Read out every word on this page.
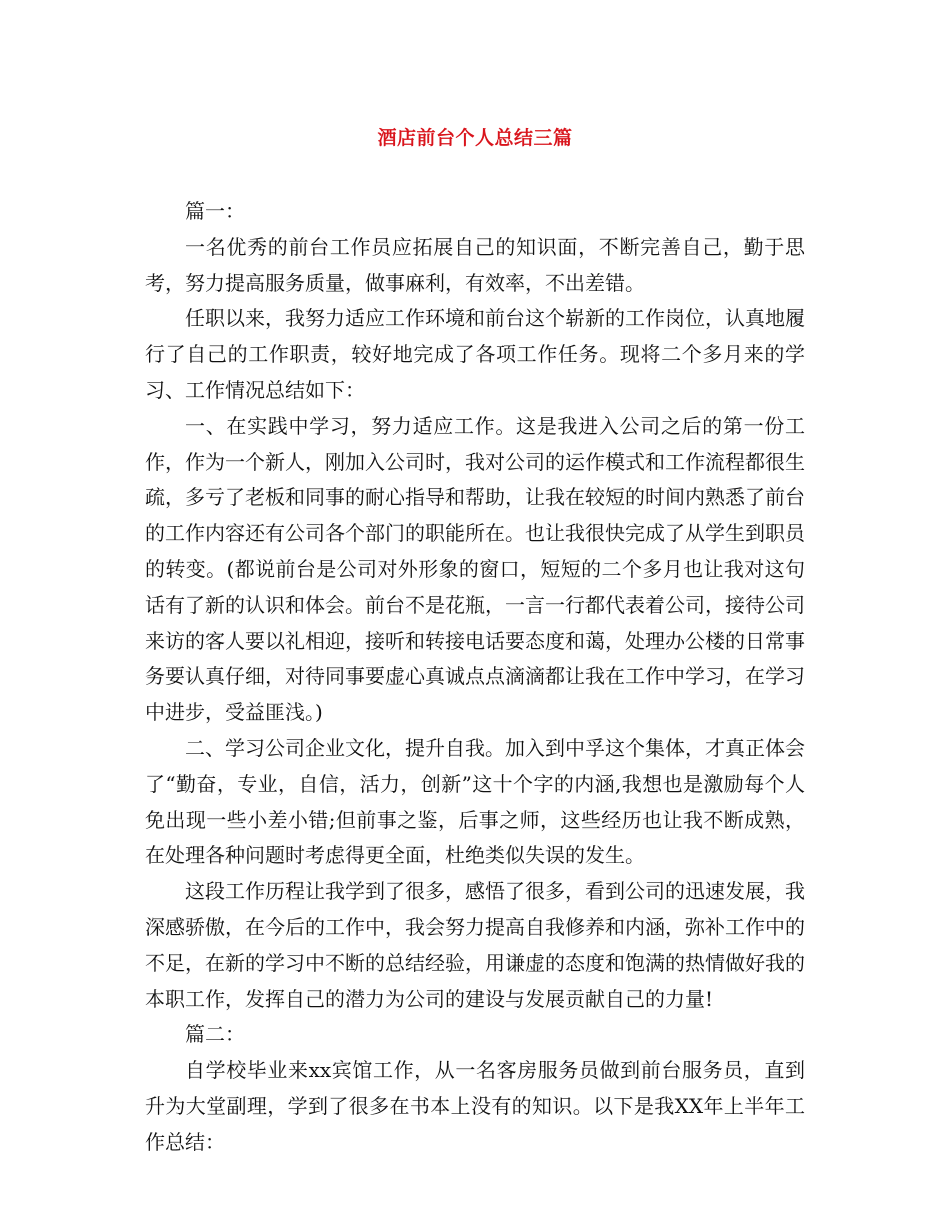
酒店前台个人总结三篇

篇一：

一名优秀的前台工作员应拓展自己的知识面，不断完善自己，勤于思考，努力提高服务质量，做事麻利，有效率，不出差错。

任职以来，我努力适应工作环境和前台这个崭新的工作岗位，认真地履行了自己的工作职责，较好地完成了各项工作任务。现将二个多月来的学习、工作情况总结如下：

一、在实践中学习，努力适应工作。这是我进入公司之后的第一份工作，作为一个新人，刚加入公司时，我对公司的运作模式和工作流程都很生疏，多亏了老板和同事的耐心指导和帮助，让我在较短的时间内熟悉了前台的工作内容还有公司各个部门的职能所在。也让我很快完成了从学生到职员的转变。(都说前台是公司对外形象的窗口，短短的二个多月也让我对这句话有了新的认识和体会。前台不是花瓶，一言一行都代表着公司，接待公司来访的客人要以礼相迎，接听和转接电话要态度和蔼，处理办公楼的日常事务要认真仔细，对待同事要虚心真诚点点滴滴都让我在工作中学习，在学习中进步，受益匪浅。)

二、学习公司企业文化，提升自我。加入到中孚这个集体，才真正体会了“勤奋，专业，自信，活力，创新”这十个字的内涵,我想也是激励每个人免出现一些小差小错;但前事之鉴，后事之师，这些经历也让我不断成熟，在处理各种问题时考虑得更全面，杜绝类似失误的发生。

这段工作历程让我学到了很多，感悟了很多，看到公司的迅速发展，我深感骄傲，在今后的工作中，我会努力提高自我修养和内涵，弥补工作中的不足，在新的学习中不断的总结经验，用谦虚的态度和饱满的热情做好我的本职工作，发挥自己的潜力为公司的建设与发展贡献自己的力量!

篇二：

自学校毕业来xx宾馆工作，从一名客房服务员做到前台服务员，直到升为大堂副理，学到了很多在书本上没有的知识。以下是我XX年上半年工作总结：
